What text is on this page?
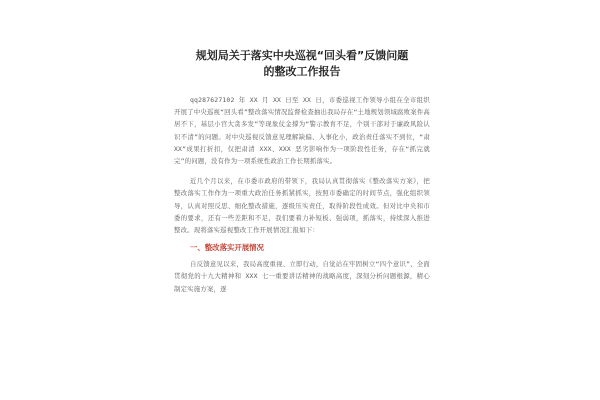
规划局关于落实中央巡视“回头看”反馈问题
的整改工作报告

qq287627102 年 XX 月 XX 日至 XX 日，市委巡视工作领导小组在全市组织开展了中央巡视“回头看”整改落实情况监督检查抽出我局存在“土地规划领域腐败案件高居不下，基层小官大贪多发”等现象仗金撑为“警示教育不足，个别干部对于廉政风险认识不清”的问题。对中央巡视反馈意见理解缺偏、入事化小，政治责任落实不到位，“肃 XX”成果打折扣，仅把肃清 XXX、XXX 恶劣影响作为一项阶段性任务，存在“抓完就完”的问题，没有作为一项系统性政治工作长期抓落实。

近几个月以来，在市委市政府的带领下，我局认真贯彻落实《整改落实方案》，把整改落实工作作为一项重大政治任务抓紧抓实，按照市委确定的时间节点，强化组织领导，认真对照反思、细化整改措施，逐级压实责任，取得阶段性成效。但对比中央和市委的要求，还有一些差距和不足，我们要着力补短板、强弱项，抓落实，持续深入推进整改。现将落实巡视整改工作开展情况汇报如下：

一、整改落实开展情况

自反馈意见以来，我局高度重视、立即行动，自觉站在牢固树立“四个意识”、全面贯彻党的十九大精神和 XXX 七一重要讲话精神的战略高度，深刻分析问题根源，精心制定实施方案，逐
